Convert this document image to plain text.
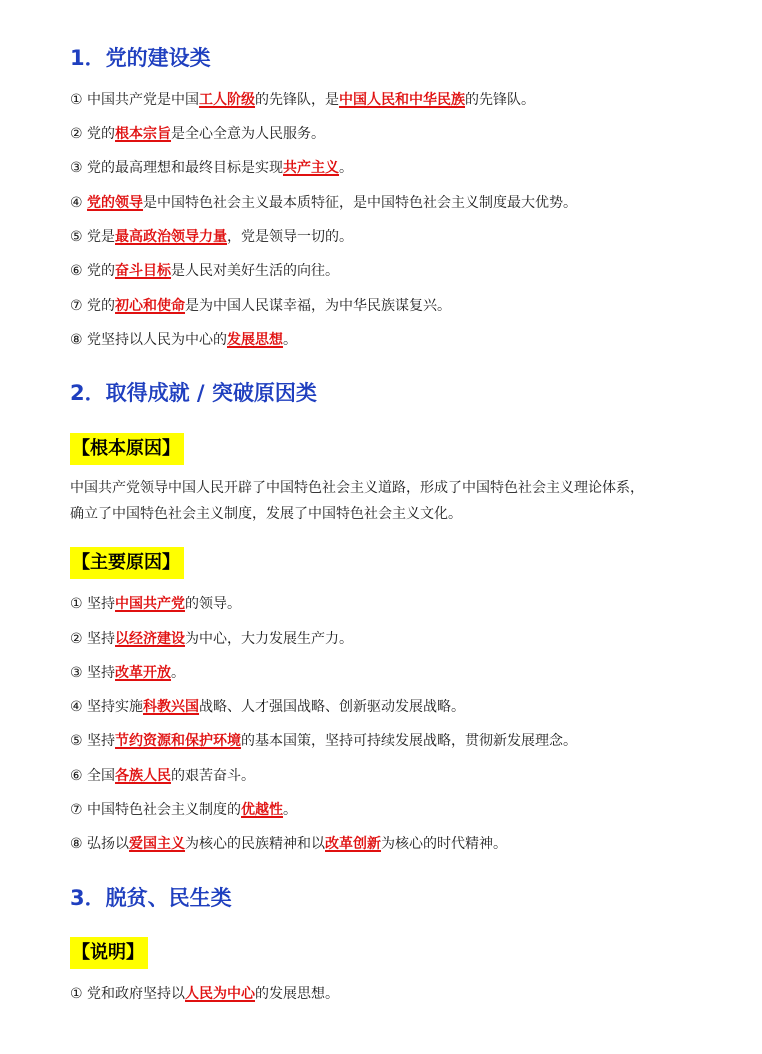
1．党的建设类

① 中国共产党是中国工人阶级的先锋队，是中国人民和中华民族的先锋队。

② 党的根本宗旨是全心全意为人民服务。

③ 党的最高理想和最终目标是实现共产主义。

④ 党的领导是中国特色社会主义最本质特征，是中国特色社会主义制度最大优势。

⑤ 党是最高政治领导力量，党是领导一切的。

⑥ 党的奋斗目标是人民对美好生活的向往。

⑦ 党的初心和使命是为中国人民谋幸福，为中华民族谋复兴。

⑧ 党坚持以人民为中心的发展思想。

2．取得成就 / 突破原因类
【根本原因】

中国共产党领导中国人民开辟了中国特色社会主义道路，形成了中国特色社会主义理论体系，

确立了中国特色社会主义制度，发展了中国特色社会主义文化。

【主要原因】

① 坚持中国共产党的领导。

② 坚持以经济建设为中心，大力发展生产力。

③ 坚持改革开放。

④ 坚持实施科教兴国战略、人才强国战略、创新驱动发展战略。

⑤ 坚持节约资源和保护环境的基本国策，坚持可持续发展战略，贯彻新发展理念。

⑥ 全国各族人民的艰苦奋斗。

⑦ 中国特色社会主义制度的优越性。

⑧ 弘扬以爱国主义为核心的民族精神和以改革创新为核心的时代精神。

3．脱贫、民生类
【说明】

① 党和政府坚持以人民为中心的发展思想。
